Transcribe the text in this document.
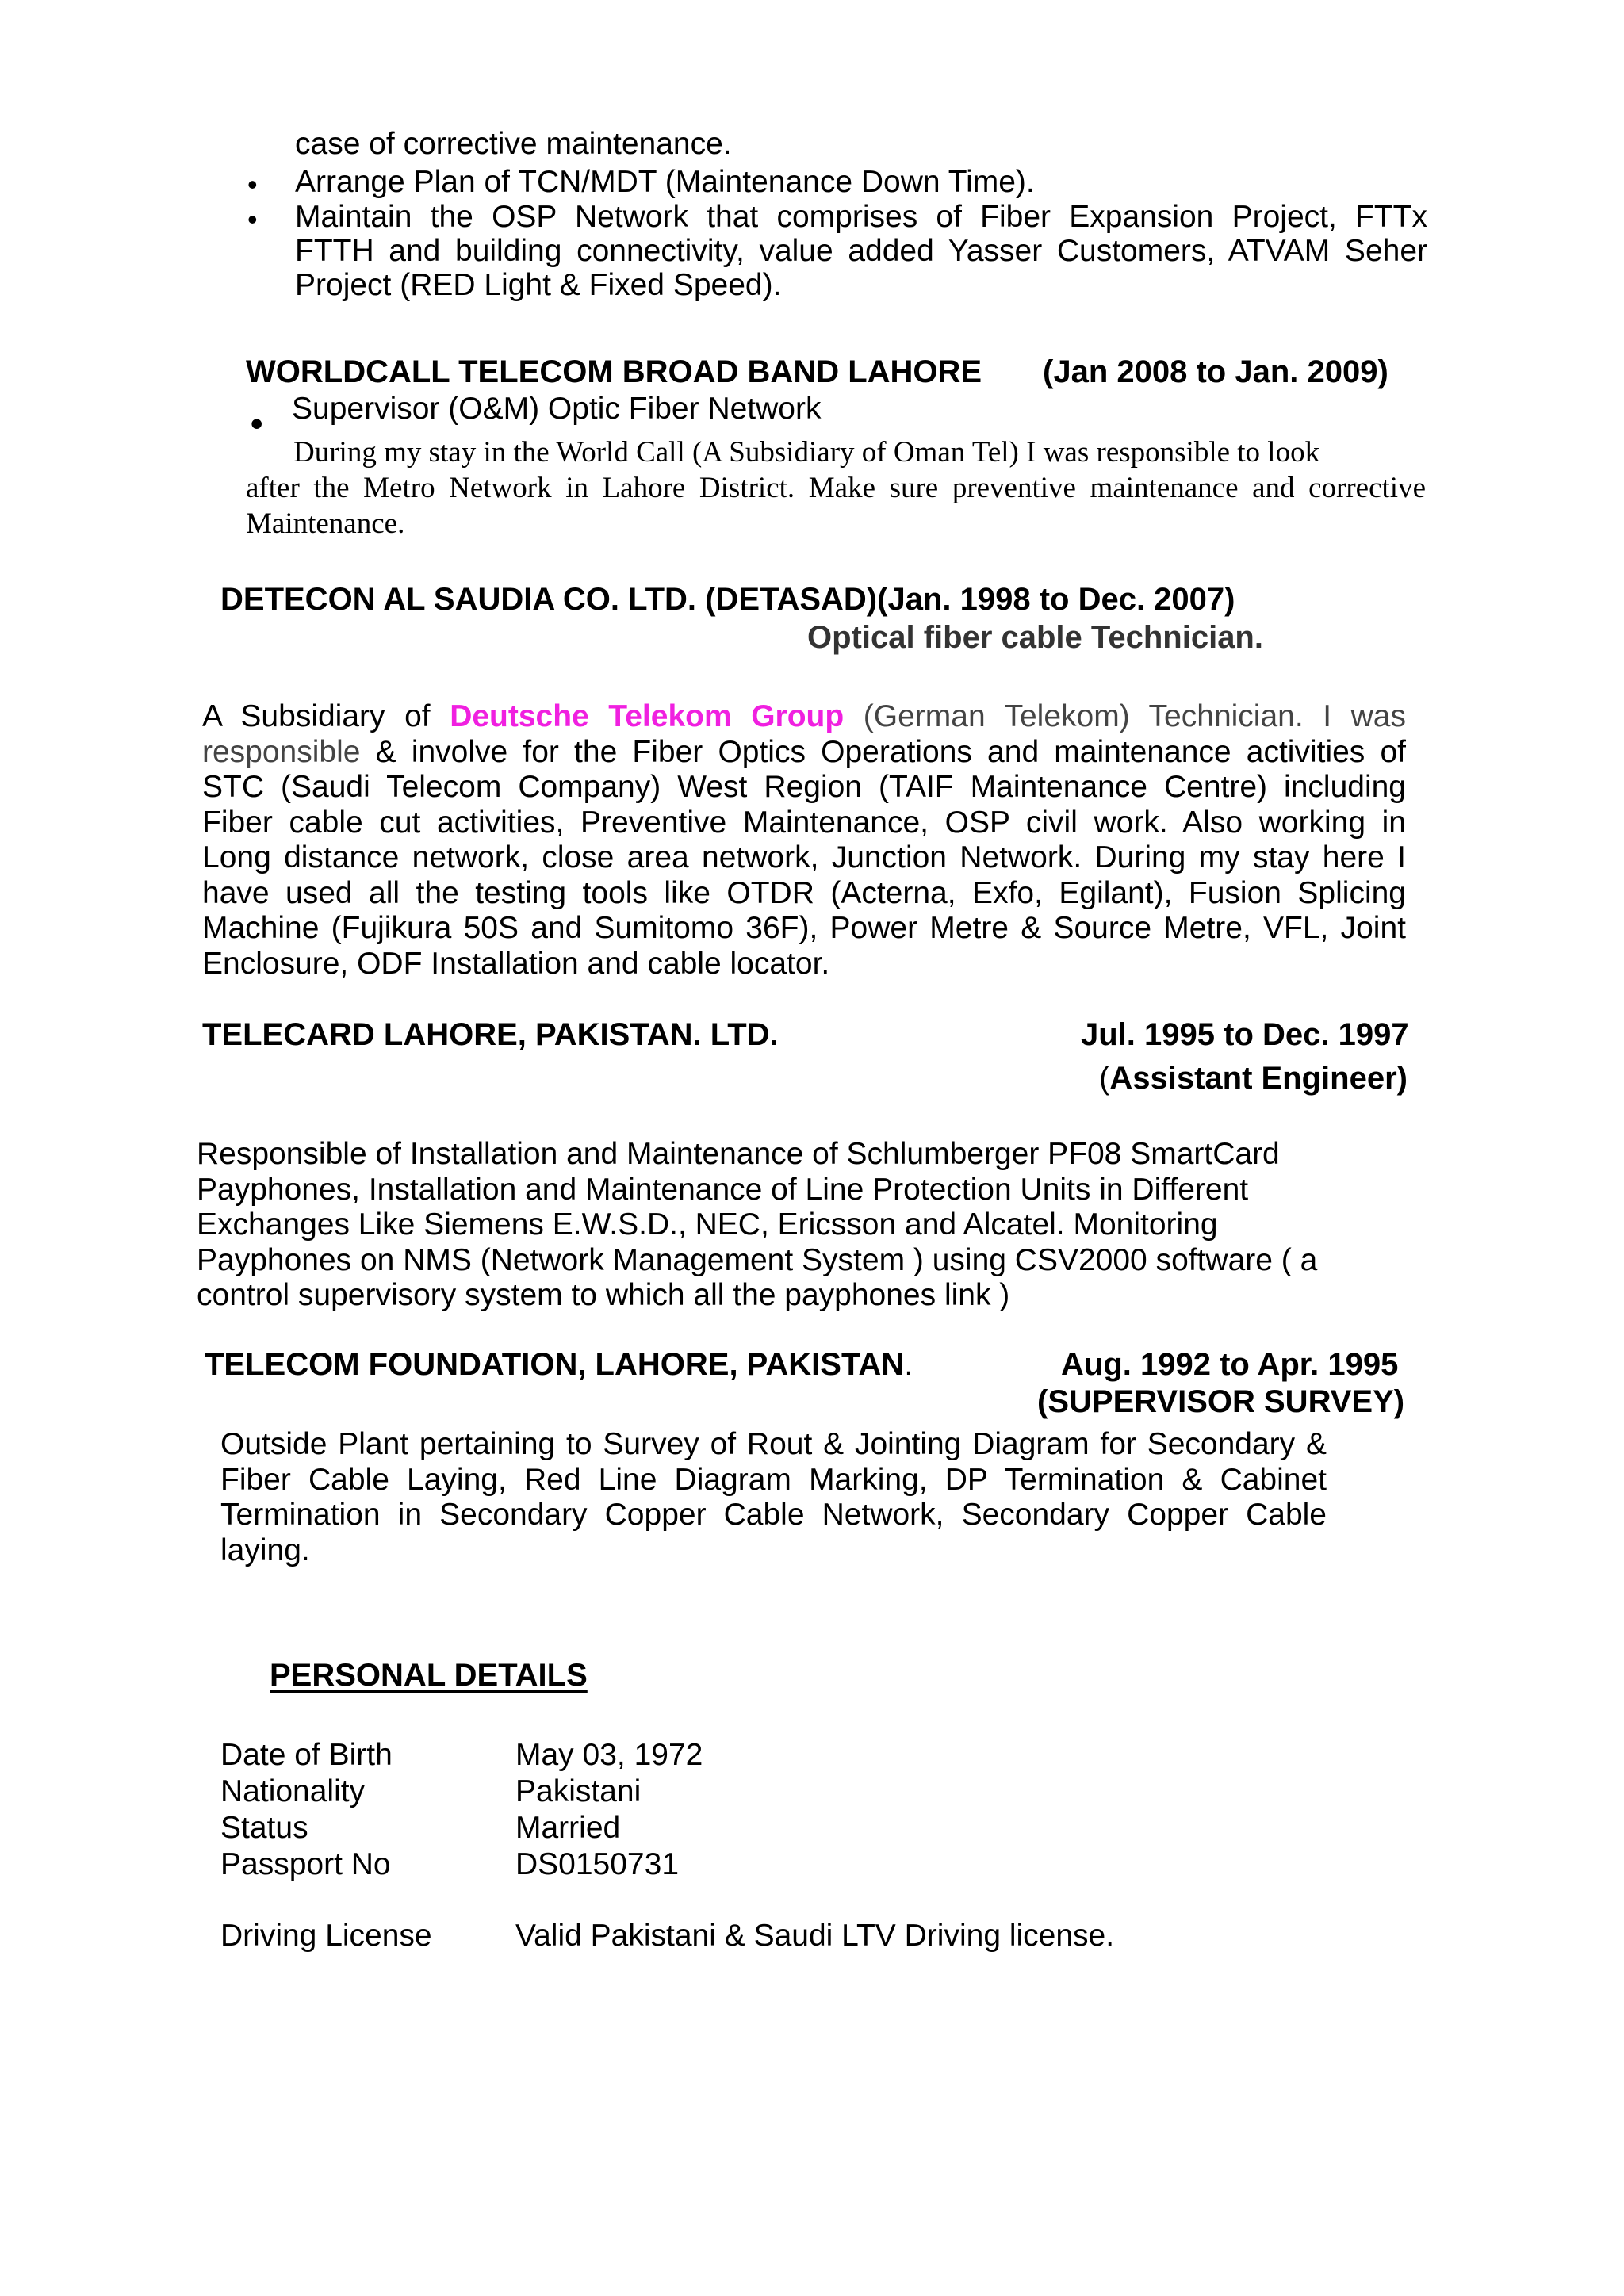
case of corrective maintenance.

• Arrange Plan of TCN/MDT (Maintenance Down Time).

• Maintain the OSP Network that comprises of Fiber Expansion Project, FTTx
FTTH and building connectivity, value added Yasser Customers, ATVAM Seher
Project (RED Light & Fixed Speed).

WORLDCALL TELECOM BROAD BAND LAHORE (Jan 2008 to Jan. 2009)

• Supervisor (O&M) Optic Fiber Network

During my stay in the World Call (A Subsidiary of Oman Tel) I was responsible to look
after the Metro Network in Lahore District. Make sure preventive maintenance and corrective
Maintenance.

DETECON AL SAUDIA CO. LTD. (DETASAD)(Jan. 1998 to Dec. 2007)

Optical fiber cable Technician.

A Subsidiary of Deutsche Telekom Group (German Telekom) Technician. I was
responsible & involve for the Fiber Optics Operations and maintenance activities of
STC (Saudi Telecom Company) West Region (TAIF Maintenance Centre) including
Fiber cable cut activities, Preventive Maintenance, OSP civil work. Also working in
Long distance network, close area network, Junction Network. During my stay here I
have used all the testing tools like OTDR (Acterna, Exfo, Egilant), Fusion Splicing
Machine (Fujikura 50S and Sumitomo 36F), Power Metre & Source Metre, VFL, Joint
Enclosure, ODF Installation and cable locator.

TELECARD LAHORE, PAKISTAN. LTD.	Jul. 1995 to Dec. 1997

(Assistant Engineer)

Responsible of Installation and Maintenance of Schlumberger PF08 SmartCard
Payphones, Installation and Maintenance of Line Protection Units in Different
Exchanges Like Siemens E.W.S.D., NEC, Ericsson and Alcatel. Monitoring
Payphones on NMS (Network Management System ) using CSV2000 software ( a
control supervisory system to which all the payphones link )

TELECOM FOUNDATION, LAHORE, PAKISTAN.	Aug. 1992 to Apr. 1995

(SUPERVISOR SURVEY)

Outside Plant pertaining to Survey of Rout & Jointing Diagram for Secondary &
Fiber Cable Laying, Red Line Diagram Marking, DP Termination & Cabinet
Termination in Secondary Copper Cable Network, Secondary Copper Cable
laying.

PERSONAL DETAILS

Date of Birth	May 03, 1972
Nationality	Pakistani
Status	Married
Passport No	DS0150731
Driving License	Valid Pakistani & Saudi LTV Driving license.
